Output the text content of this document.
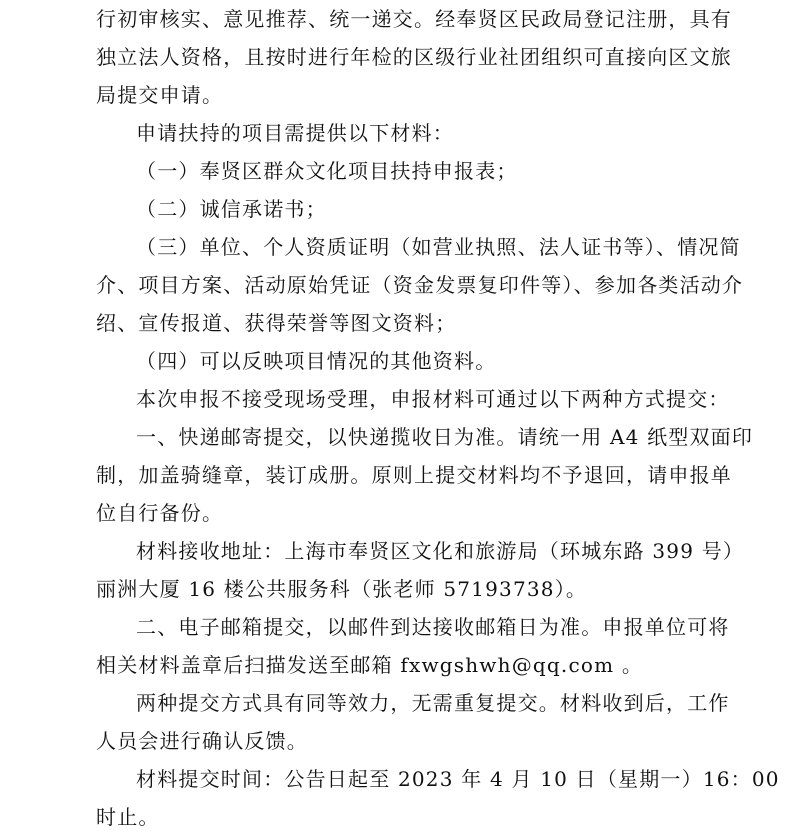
行初审核实、意见推荐、统一递交。经奉贤区民政局登记注册，具有
独立法人资格，且按时进行年检的区级行业社团组织可直接向区文旅
局提交申请。
申请扶持的项目需提供以下材料：
（一）奉贤区群众文化项目扶持申报表；
（二）诚信承诺书；
（三）单位、个人资质证明（如营业执照、法人证书等）、情况简
介、项目方案、活动原始凭证（资金发票复印件等）、参加各类活动介
绍、宣传报道、获得荣誉等图文资料；
（四）可以反映项目情况的其他资料。
本次申报不接受现场受理，申报材料可通过以下两种方式提交：
一、快递邮寄提交，以快递揽收日为准。请统一用 A4 纸型双面印
制，加盖骑缝章，装订成册。原则上提交材料均不予退回，请申报单
位自行备份。
材料接收地址：上海市奉贤区文化和旅游局（环城东路 399 号）
丽洲大厦 16 楼公共服务科（张老师 57193738）。
二、电子邮箱提交，以邮件到达接收邮箱日为准。申报单位可将
相关材料盖章后扫描发送至邮箱 fxwgshwh@qq.com 。
两种提交方式具有同等效力，无需重复提交。材料收到后，工作
人员会进行确认反馈。
材料提交时间：公告日起至 2023 年 4 月 10 日（星期一）16：00
时止。
